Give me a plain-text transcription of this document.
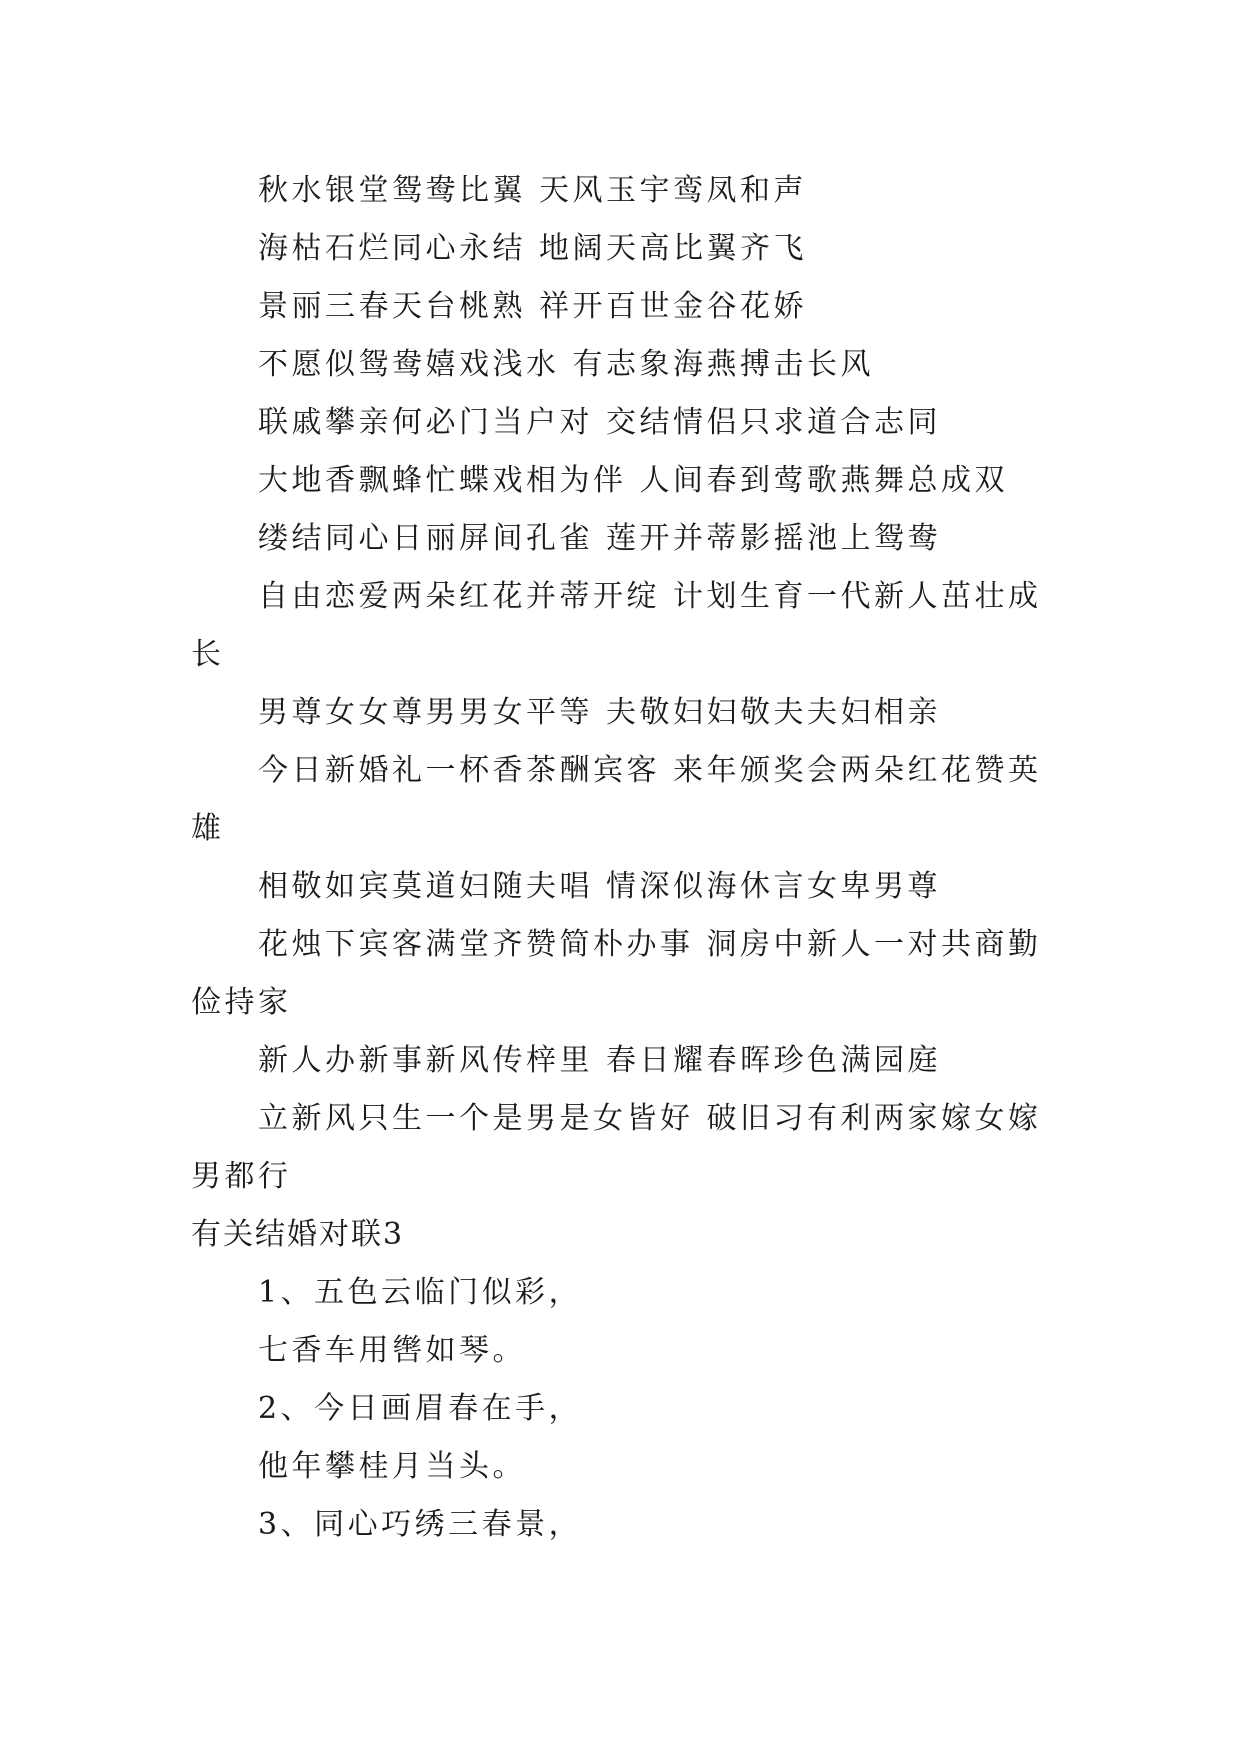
秋水银堂鸳鸯比翼 天风玉宇鸾凤和声
海枯石烂同心永结 地阔天高比翼齐飞
景丽三春天台桃熟 祥开百世金谷花娇
不愿似鸳鸯嬉戏浅水 有志象海燕搏击长风
联戚攀亲何必门当户对 交结情侣只求道合志同
大地香飘蜂忙蝶戏相为伴 人间春到莺歌燕舞总成双
缕结同心日丽屏间孔雀 莲开并蒂影摇池上鸳鸯
自由恋爱两朵红花并蒂开绽 计划生育一代新人茁壮成长
男尊女女尊男男女平等 夫敬妇妇敬夫夫妇相亲
今日新婚礼一杯香茶酬宾客 来年颁奖会两朵红花赞英雄
相敬如宾莫道妇随夫唱 情深似海休言女卑男尊
花烛下宾客满堂齐赞简朴办事 洞房中新人一对共商勤俭持家
新人办新事新风传梓里 春日耀春晖珍色满园庭
立新风只生一个是男是女皆好 破旧习有利两家嫁女嫁男都行
有关结婚对联3
1、五色云临门似彩，
七香车用辔如琴。
2、今日画眉春在手，
他年攀桂月当头。
3、同心巧绣三春景，
